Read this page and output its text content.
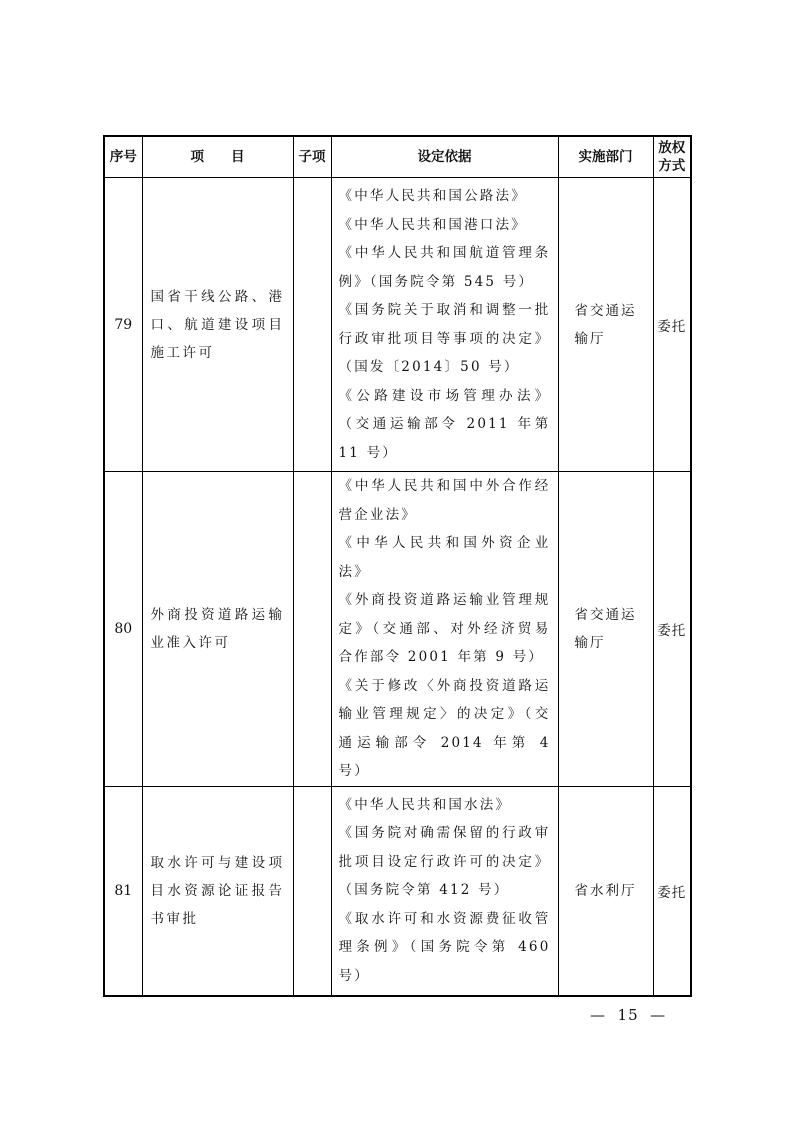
序号	项　　目	子项	设定依据	实施部门	放权方式
79	国省干线公路、港口、航道建设项目施工许可		《中华人民共和国公路法》
《中华人民共和国港口法》
《中华人民共和国航道管理条例》（国务院令第 545 号）
《国务院关于取消和调整一批行政审批项目等事项的决定》（国发〔2014〕50 号）
《公路建设市场管理办法》（交通运输部令 2011 年第 11 号）	省交通运输厅	委托
80	外商投资道路运输业准入许可		《中华人民共和国中外合作经营企业法》
《中华人民共和国外资企业法》
《外商投资道路运输业管理规定》（交通部、对外经济贸易合作部令 2001 年第 9 号）
《关于修改〈外商投资道路运输业管理规定〉的决定》（交通运输部令 2014 年第 4 号）	省交通运输厅	委托
81	取水许可与建设项目水资源论证报告书审批		《中华人民共和国水法》
《国务院对确需保留的行政审批项目设定行政许可的决定》（国务院令第 412 号）
《取水许可和水资源费征收管理条例》（国务院令第 460 号）	省水利厅	委托
—  15  —
